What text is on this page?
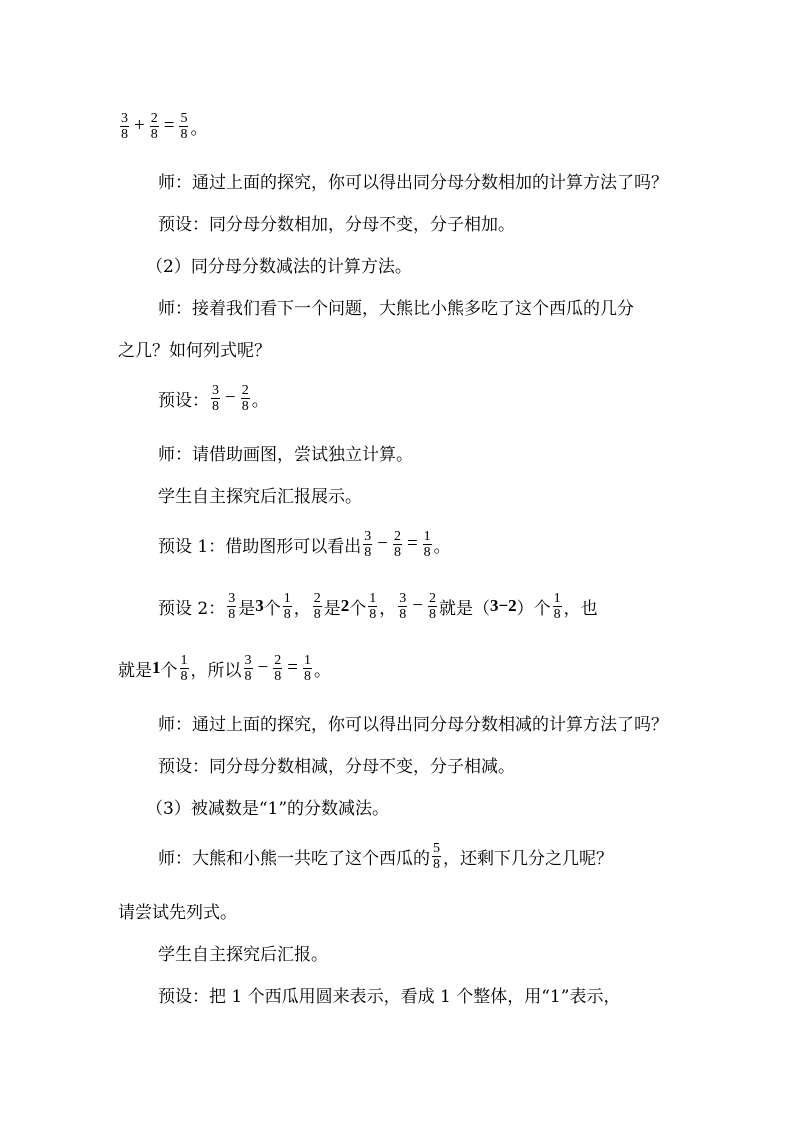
$\frac{3}{8} + \frac{2}{8} = \frac{5}{8}$ 。
师：通过上面的探究，你可以得出同分母分数相加的计算方法了吗？
预设：同分母分数相加，分母不变，分子相加。
（2）同分母分数减法的计算方法。
师：接着我们看下一个问题，大熊比小熊多吃了这个西瓜的几分
之几？如何列式呢？
预设： $\frac{3}{8} - \frac{2}{8}$ 。
师：请借助画图，尝试独立计算。
学生自主探究后汇报展示。
预设 1：借助图形可以看出 $\frac{3}{8} - \frac{2}{8} = \frac{1}{8}$ 。
预设 2： $\frac{3}{8}$ 是 3 个 $\frac{1}{8}$ ， $\frac{2}{8}$ 是 2 个 $\frac{1}{8}$ ， $\frac{3}{8} - \frac{2}{8}$ 就是（ 3−2 ）个 $\frac{1}{8}$ ，也
就是 1 个 $\frac{1}{8}$ ，所以 $\frac{3}{8} - \frac{2}{8} = \frac{1}{8}$ 。
师：通过上面的探究，你可以得出同分母分数相减的计算方法了吗？
预设：同分母分数相减，分母不变，分子相减。
（3）被减数是“1”的分数减法。
师：大熊和小熊一共吃了这个西瓜的 $\frac{5}{8}$ ，还剩下几分之几呢？
请尝试先列式。
学生自主探究后汇报。
预设：把 1 个西瓜用圆来表示，看成 1 个整体，用“1”表示，
